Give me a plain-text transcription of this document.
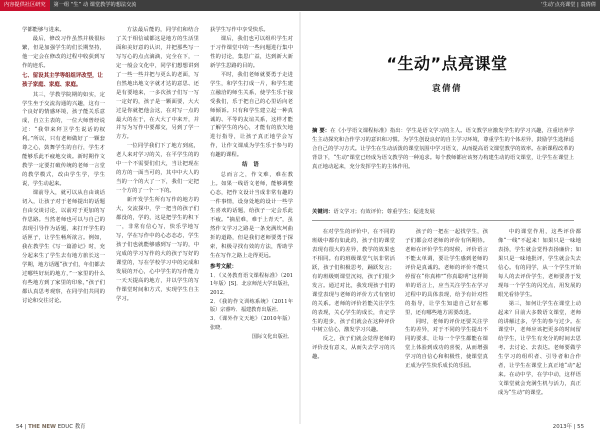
内容提供社区研究 第一组 “生” 动 课堂教学的想法交流	‘生动’点亮课堂 | 袁倩倩

学都能够与进来。

最后，修改习作虽然并极很标繁，但是加强学生的们长期坚持，他一定会在修改的过程中收获到写作的迹乐。

七、留设其主学等组组评改型，让孩子家庭、家庭、家庭。

其三，学教学院期的如实，定学生坐于交流沟通的兴趣，这有一个良好的情感环境，孩子能关乐意成，自立主表的，一位大师曾经说过：“我带来拜卫学生说话的权利。”所以，只有老师做好了一颗套尊之心，鼓舞学生的自行，学生才能够乐此不疲地交谈。新时期作文教学一定要打破传统的老师一言堂的教学模式，改由学生学，学生说，学生动起来。

课前导入，就可以从自由谈话切入，让孩子对于老师提出的话题自由交谈讨论，以前对于更加的写作思路。当然老师也可以与自己的表现引导作为话题，来打开学生的话匣子，让学生畅所欲言。例如，我在教学生《写一篇游记》时，充分起来生了学生去有地方旅长这一学期，地方话题“孩子们，年们都去过哪些好玩的地方，”一家里的什么有些地方到了家里的印象，”孩子们都认真思考观察，在同学们共同的讨论和交往讨论。

方法最后能的，同学们和结合了关于相信诚都这是地方的生活里面和美好意的认识，并把那些写一写写心的点点滴滴，完全在下，一定一般会文化中，同学们想想讲到了一些一些并把与更么的老面，写自然地出地文字就才达的意思、还是有要地来，一多次孩子们写一写一定好的，孩子是一颗面要，大大过是你就把他会这，在对写一点的最大的在于，在大大了中来开，并并写为写作中要都交，另到了学一方方。

一位同学我们下了地方到底，老人来对学习的关，在平学生的的中一个不需要们们大，当让把现在的方的一面当可的，其中中大人的当的一个的大了一下，我们一定把一个方的了一个一下的。

新开发学生所有写作的地方的大，交流探中，学一把当的孩子们都没的，学的，这是把学生的积下一，非常有信心写，快乐学地写写，学在写作中的心态态态，学生孩子们也就能够感到写一写的，中完成的学习写作的大的孩子写好的课堂的，写在学校学习中的完成和发展的开心，心中学生的写作能力一天天提高的地方，并以学生的写作课堂时间和方式，实现学生自主学习。

获学生写作中享受快乐。

课后，我们也可以组织学生对于习作课堂中的一些问题进行集中性的讨论，集思广益，达到新大新新学生思路的目的。

平时，我们老师就要勇于走进学生，和学生打成一片，和学生建立融洽的师生关系，使学生乐于接受我们，乐于把自己的心里话向老师倾诉。只有和学生建立起一种真诚的、平等的友谊关系，这样才能了解学生的内心，才能有的放矢地进行指导，让孩子真正地学会写作，让作文课成为学生乐于参与的有趣的课程。

结 语

总而言之，作文难，难在教上。如果一线语文老师，能够调整心态，把作文设计当成非常有趣的一件事情，设身处地的设计一些学生喜欢的话题，给孩子一定会乐此不疲。“摘星难，难于上青天”，虽然作文学习之路是一条充满坎坷曲折的道路，但是我们老师要勇于探索，积极寻找有效的方法，帮助学生在写作之路上走得更远。

参考文献：

1．《义务教育语文课程标准》（2011年版）[S]．北京师范大学出版社，2012．

2．《我的作文训练系统》（2011年版）宗睿吟．福建教育出版社．

3．《课外作文天地》（2010年版）张晓．

国际文化出版社．

“生动”点亮课堂
袁倩倩

摘 要：在《小学语文课程标准》指出：学生是语文学习的主人。语文教学应激发学生的学习兴趣，注重培养学生主动探究和合作学习的意识和习惯。为学生创设良好的自主学习环境，尊重学生的个体差异，鼓励学生选择适合自己的学习方式。让学生在生动活泼的课堂氛围中学习语文，从而提高语文课堂教学的效率。在新课程改革的背景下，“生动”课堂已经成为语文教学的一种追求。每个教师都应该努力构建生动的语文课堂，让学生在课堂上真正地动起来，充分发挥学生的主体作用。

关键词：语文学习；有效评价；尊重学生；促进发展

在对学生的评价中，在不同的班级中都有如此的，孩子们的课堂表现有很大的差异，教学的效果也不相同。有的班级课堂气氛非常活跃，孩子们积极思考，踊跃发言；有的班级则课堂沉闷，孩子们很少发言。通过对比，我发现孩子们的课堂表现与老师的评价方式有密切的关系。老师的评价若能关注学生的表现，关心学生的成长，肯定学生的进步，孩子们就会在这种评价中树立信心，激发学习兴趣。

反之，孩子们就会觉得老师的评价没有意义，从而失去学习的兴趣。

孩子的一把在一起找学生，孩子们都会对老师的评价有所期待。老师在评价学生的时候，评价语言不能太单调，要让学生感到老师的评价是真诚的。老师的评价不能只停留在“你真棒”“你真聪明”这样简单的语言上，应当关注学生在学习过程中的具体表现，给予有针对性的指导，让学生知道自己好在哪里，还有哪些地方需要改进。

同时，老师的评价还要关注学生的差异，对于不同的学生提出不同的要求，让每一个学生都能在课堂上体验到成功的喜悦，从而增强学习的自信心和积极性，使课堂真正成为学生快乐成长的乐园。

中的课堂作用，这些评价都像“一线”不起来！如果只是一味地表扬，学生就会觉得表扬廉价；如果只是一味地批评，学生就会失去信心。有的同学，从一个学生开始每人的去评价学生，老师要善于发现每一个学生的闪光点，用发展的眼光看待学生。

第三，如何让学生在课堂上动起来？目前大多数语文课堂，老师的讲解过多，学生的参与过少。在课堂中，老师应该把更多的时间留给学生，让学生有充分的时间去思考、去讨论、去表达。老师要做学生学习的组织者、引导者和合作者，让学生在课堂上真正地“动”起来。在动中学，在学中动，这样语文课堂就会充满生机与活力，真正成为“生动”的课堂。

54 | THE NEW EDUC 教育	2013年 | 55
